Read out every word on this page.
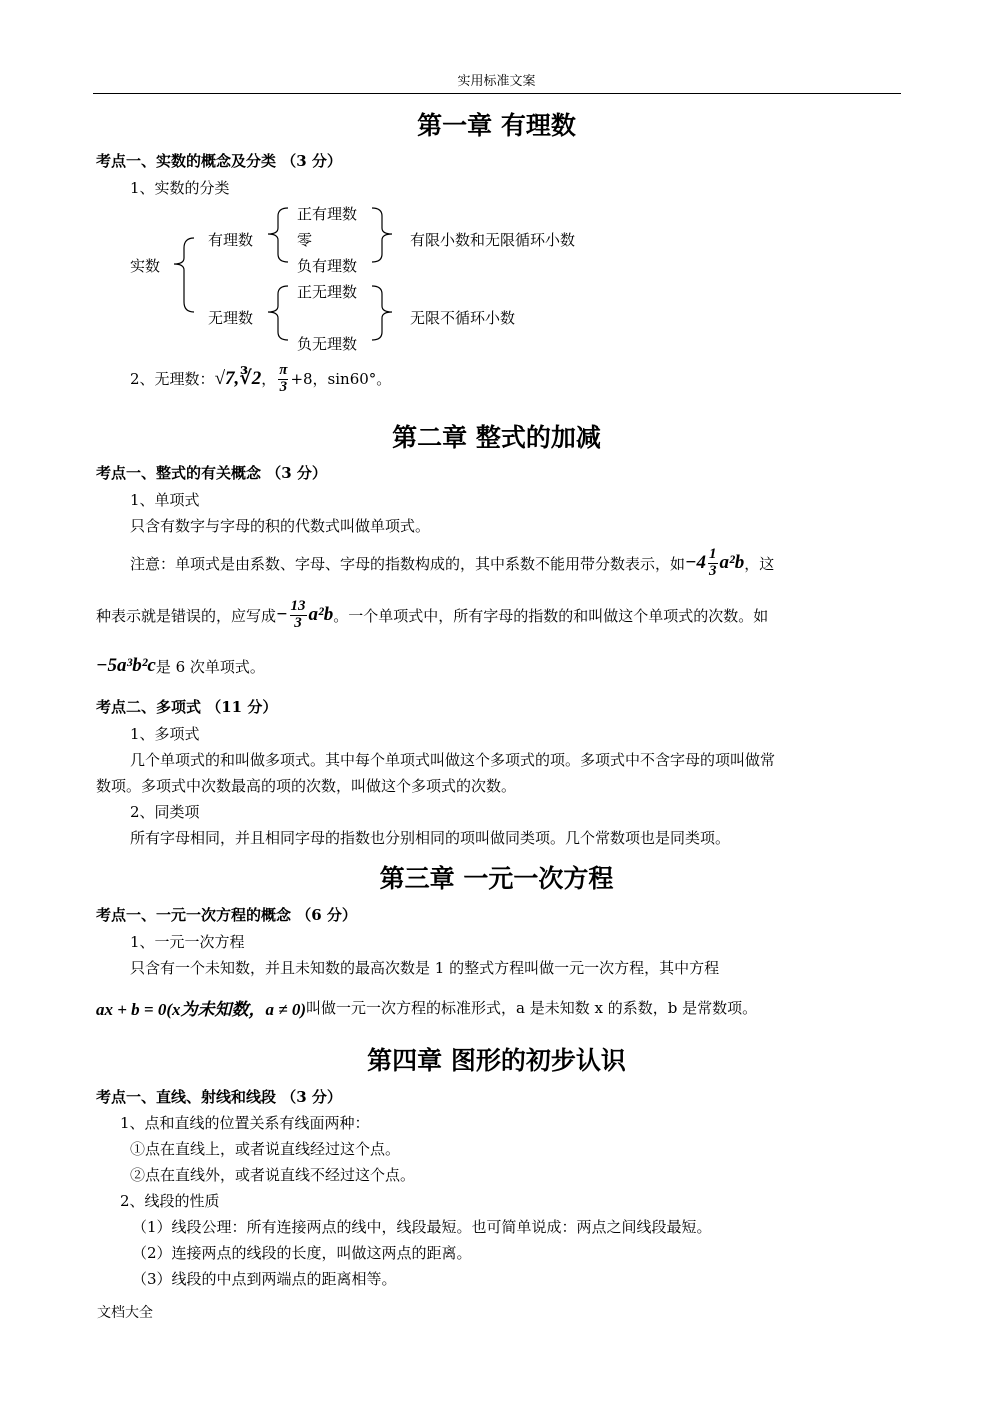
实用标准文案
第一章 有理数
考点一、实数的概念及分类 （3 分）
1、实数的分类
实数
有理数
正有理数
零
负有理数
有限小数和无限循环小数
无理数
正无理数
负无理数
无限不循环小数
2、无理数： √7,∛2 ， $\frac{\pi}{3} +8$，sin60°。
第二章 整式的加减
考点一、整式的有关概念 （3 分）
1、单项式
只含有数字与字母的积的代数式叫做单项式。
注意：单项式是由系数、字母、字母的指数构成的，其中系数不能用带分数表示，如 $-4 \frac{1}{3} a^2b$ ，这
种表示就是错误的，应写成 − $\frac{13}{3} a^2b$ 。一个单项式中，所有字母的指数的和叫做这个单项式的次数。如
−5a³b²c 是 6 次单项式。
考点二、多项式 （11 分）
1、多项式
几个单项式的和叫做多项式。其中每个单项式叫做这个多项式的项。多项式中不含字母的项叫做常
数项。多项式中次数最高的项的次数，叫做这个多项式的次数。
2、同类项
所有字母相同，并且相同字母的指数也分别相同的项叫做同类项。几个常数项也是同类项。
第三章 一元一次方程
考点一、一元一次方程的概念 （6 分）
1、一元一次方程
只含有一个未知数，并且未知数的最高次数是 1 的整式方程叫做一元一次方程，其中方程
ax + b = 0(x为未知数，a ≠ 0) 叫做一元一次方程的标准形式，a 是未知数 x 的系数，b 是常数项。
第四章 图形的初步认识
考点一、直线、射线和线段 （3 分）
1、点和直线的位置关系有线面两种：
①点在直线上，或者说直线经过这个点。
②点在直线外，或者说直线不经过这个点。
2、线段的性质
（1）线段公理：所有连接两点的线中，线段最短。也可简单说成：两点之间线段最短。
（2）连接两点的线段的长度，叫做这两点的距离。
（3）线段的中点到两端点的距离相等。
文档大全
